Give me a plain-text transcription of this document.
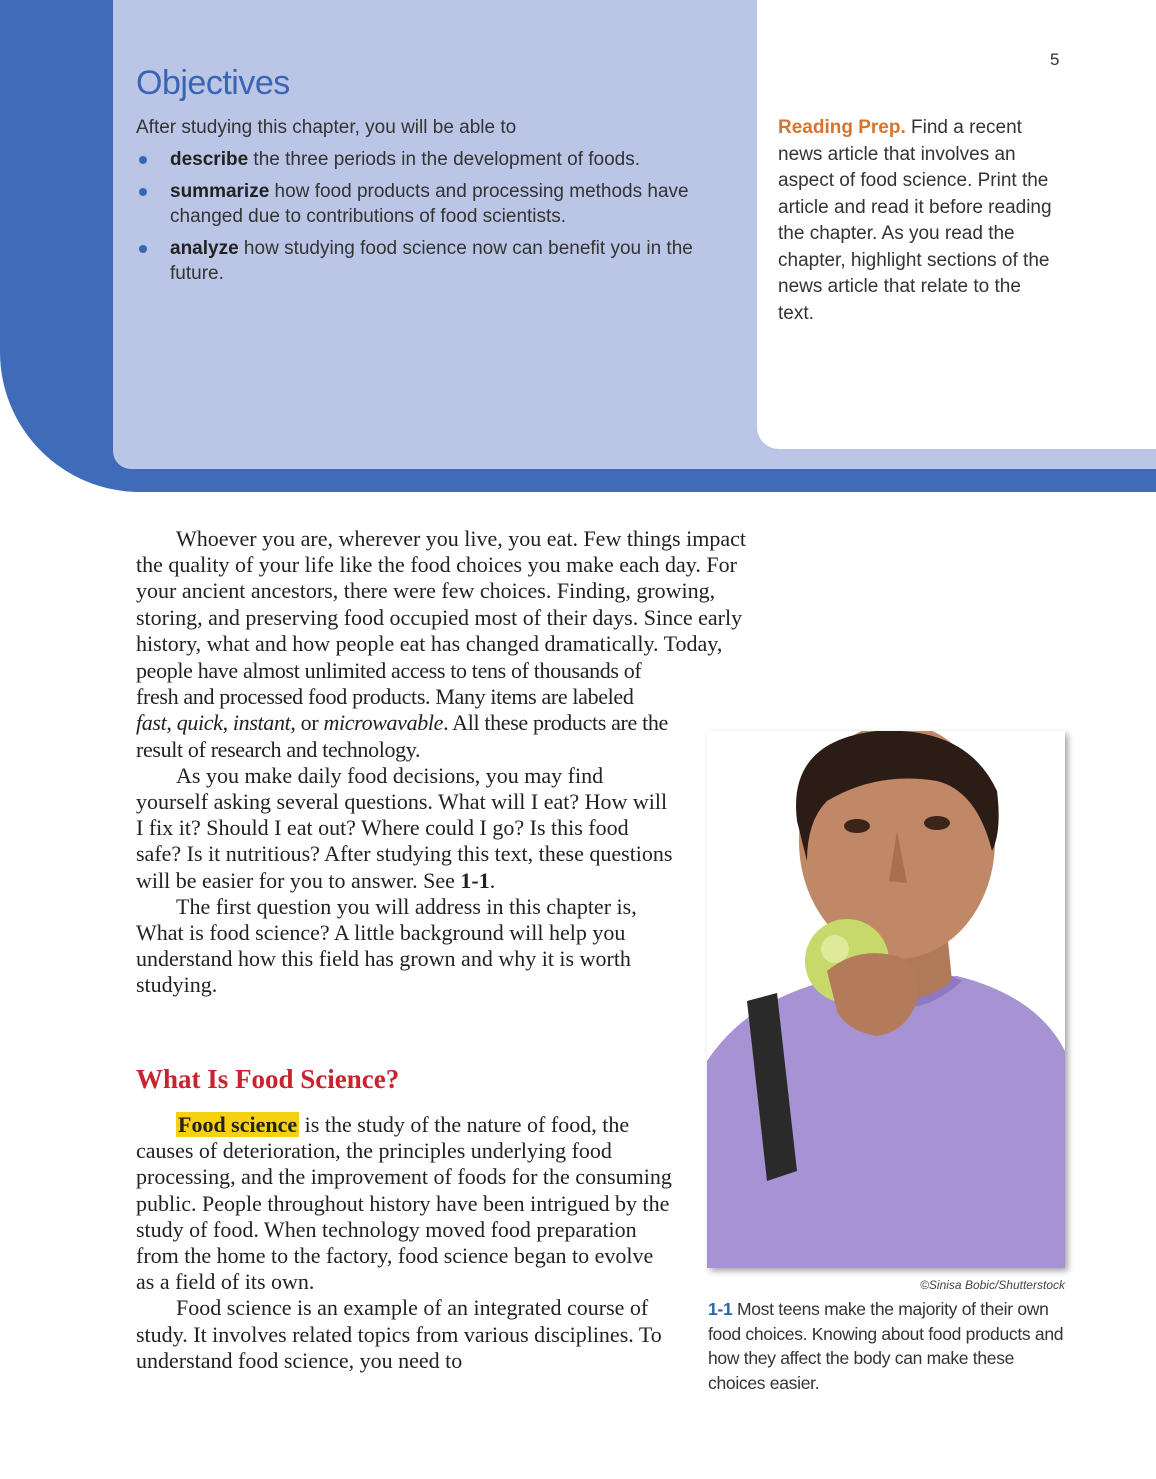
5
Objectives
After studying this chapter, you will be able to
describe the three periods in the development of foods.
summarize how food products and processing methods have changed due to contributions of food scientists.
analyze how studying food science now can benefit you in the future.
Reading Prep. Find a recent news article that involves an aspect of food science. Print the article and read it before reading the chapter. As you read the chapter, highlight sections of the news article that relate to the text.

Whoever you are, wherever you live, you eat. Few things impact

the quality of your life like the food choices you make each day. For

your ancient ancestors, there were few choices. Finding, growing,

storing, and preserving food occupied most of their days. Since early

history, what and how people eat has changed dramatically. Today,

people have almost unlimited access to tens of thousands of fresh and processed food products. Many items are labeled fast, quick, instant, or microwavable. All these products are the result of research and technology.

As you make daily food decisions, you may find yourself asking several questions. What will I eat? How will I fix it? Should I eat out? Where could I go? Is this food safe? Is it nutritious? After studying this text, these questions will be easier for you to answer. See 1-1.

The first question you will address in this chapter is, What is food science? A little background will help you understand how this field has grown and why it is worth studying.

What Is Food Science?

Food science is the study of the nature of food, the causes of deterioration, the principles underlying food processing, and the improvement of foods for the consuming public. People throughout history have been intrigued by the study of food. When technology moved food preparation from the home to the factory, food science began to evolve as a field of its own.

Food science is an example of an integrated course of study. It involves related topics from various disciplines. To understand food science, you need to

©Sinisa Bobic/Shutterstock
1-1 Most teens make the majority of their own food choices. Knowing about food products and how they affect the body can make these choices easier.
